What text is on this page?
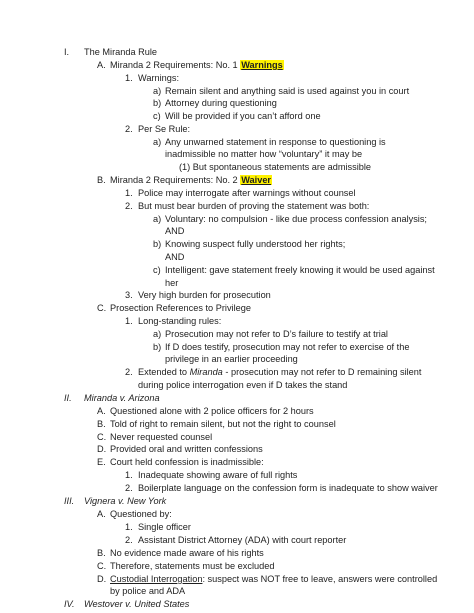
I. The Miranda Rule
A. Miranda 2 Requirements: No. 1 Warnings
1. Warnings:
a) Remain silent and anything said is used against you in court
b) Attorney during questioning
c) Will be provided if you can’t afford one
2. Per Se Rule:
a) Any unwarned statement in response to questioning is
inadmissible no matter how “voluntary” it may be
(1) But spontaneous statements are admissible
B. Miranda 2 Requirements: No. 2 Waiver
1. Police may interrogate after warnings without counsel
2. But must bear burden of proving the statement was both:
a) Voluntary: no compulsion - like due process confession analysis;
AND
b) Knowing suspect fully understood her rights;
AND
c) Intelligent: gave statement freely knowing it would be used against
her
3. Very high burden for prosecution
C. Prosection References to Privilege
1. Long-standing rules:
a) Prosecution may not refer to D’s failure to testify at trial
b) If D does testify, prosecution may not refer to exercise of the
privilege in an earlier proceeding
2. Extended to Miranda - prosecution may not refer to D remaining silent
during police interrogation even if D takes the stand
II. Miranda v. Arizona
A. Questioned alone with 2 police officers for 2 hours
B. Told of right to remain silent, but not the right to counsel
C. Never requested counsel
D. Provided oral and written confessions
E. Court held confession is inadmissible:
1. Inadequate showing aware of full rights
2. Boilerplate language on the confession form is inadequate to show waiver
III. Vignera v. New York
A. Questioned by:
1. Single officer
2. Assistant District Attorney (ADA) with court reporter
B. No evidence made aware of his rights
C. Therefore, statements must be excluded
D. Custodial Interrogation: suspect was NOT free to leave, answers were controlled
by police and ADA
IV. Westover v. United States
